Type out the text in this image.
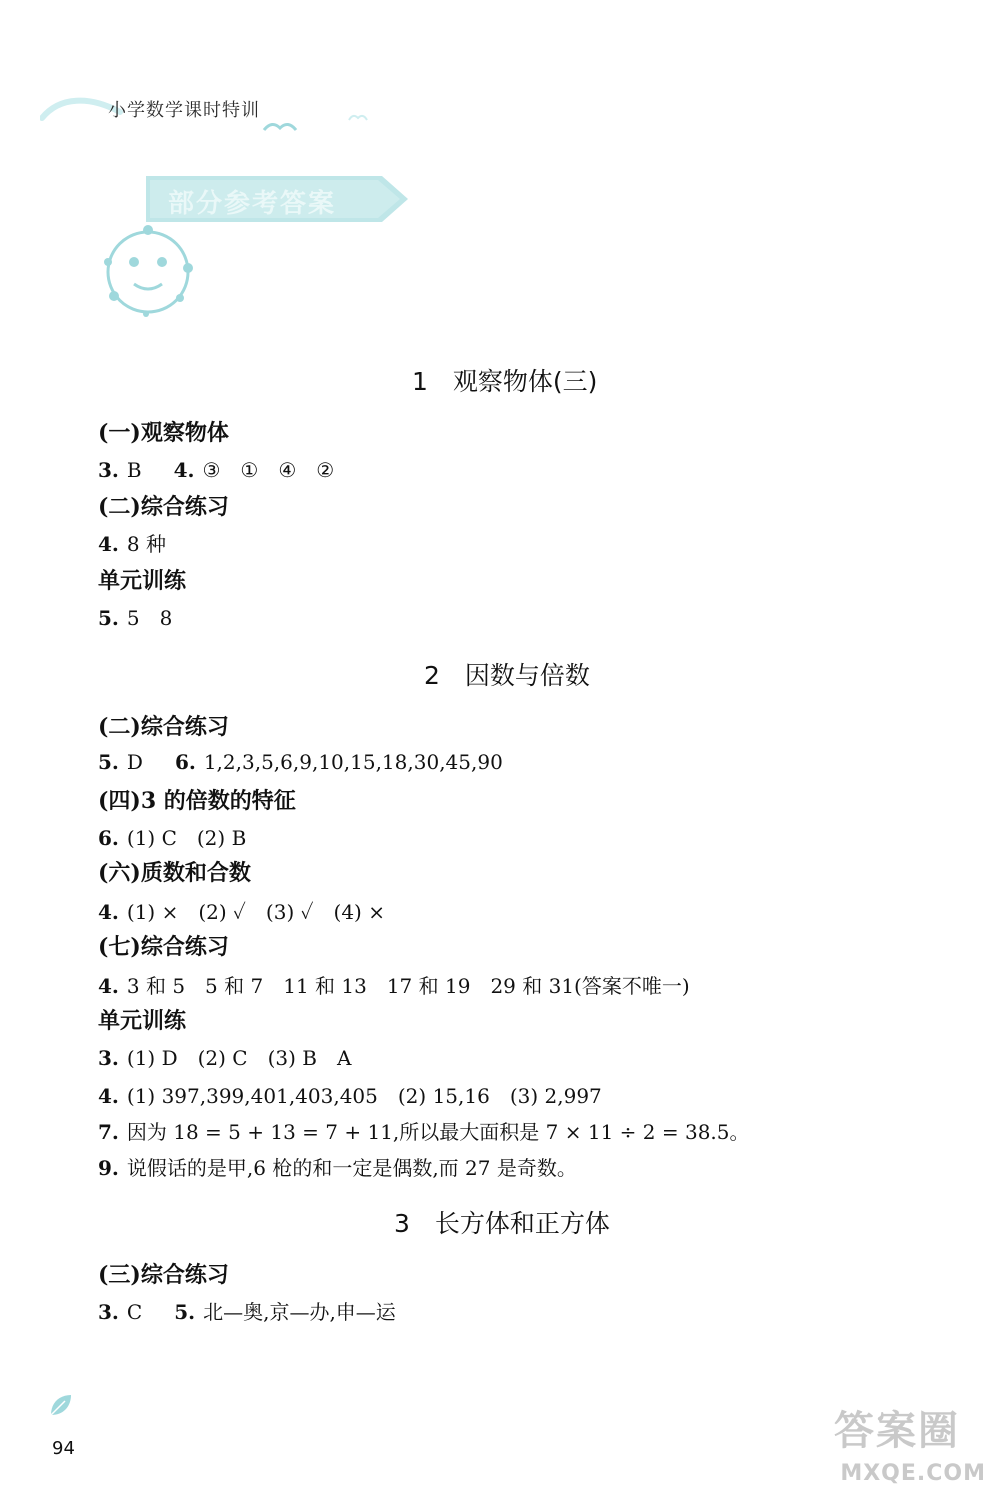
小学数学课时特训
部分参考答案
1　观察物体(三)
(一)观察物体
3. B 4. ③　①　④　②
(二)综合练习
4. 8 种
单元训练
5. 5　8
2　因数与倍数
(二)综合练习
5. D 6. 1,2,3,5,6,9,10,15,18,30,45,90
(四)3 的倍数的特征
6. (1) C　(2) B
(六)质数和合数
4. (1) ×　(2) ✓　(3) ✓　(4) ×
(七)综合练习
4. 3 和 5　5 和 7　11 和 13　17 和 19　29 和 31(答案不唯一)
单元训练
3. (1) D　(2) C　(3) B　A
4. (1) 397,399,401,403,405　(2) 15,16　(3) 2,997
7. 因为 18 = 5 + 13 = 7 + 11,所以最大面积是 7 × 11 ÷ 2 = 38.5。
9. 说假话的是甲,6 枪的和一定是偶数,而 27 是奇数。
3　长方体和正方体
(三)综合练习
3. C 5. 北—奥,京—办,申—运
94	答案圈
MXQE.COM
